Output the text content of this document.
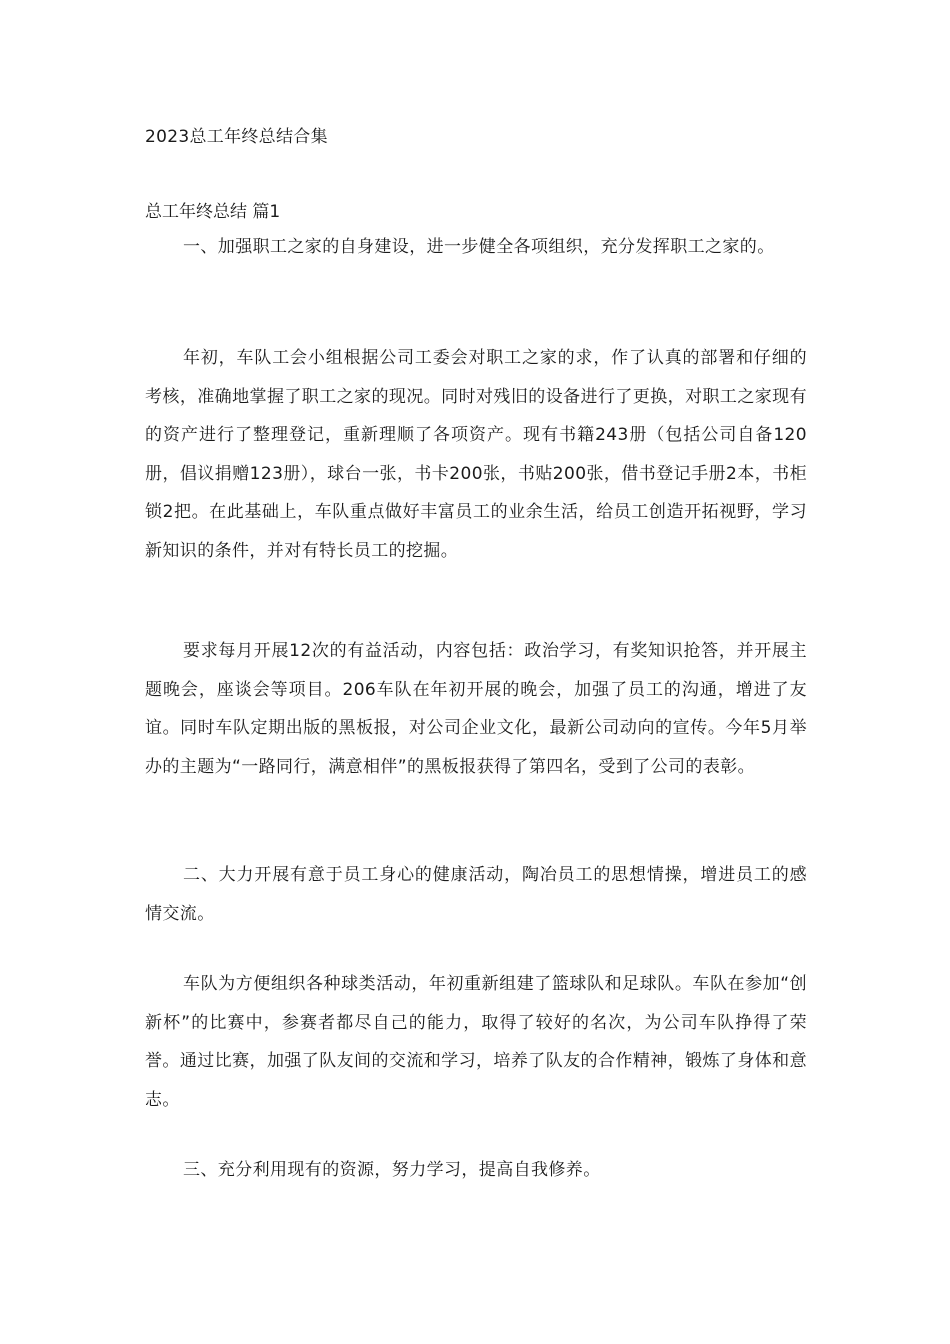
2023总工年终总结合集
总工年终总结 篇1

一、加强职工之家的自身建设，进一步健全各项组织，充分发挥职工之家的。

年初，车队工会小组根据公司工委会对职工之家的求，作了认真的部署和仔细的考核，准确地掌握了职工之家的现况。同时对残旧的设备进行了更换，对职工之家现有的资产进行了整理登记，重新理顺了各项资产。现有书籍243册（包括公司自备120册，倡议捐赠123册），球台一张，书卡200张，书贴200张，借书登记手册2本，书柜锁2把。在此基础上，车队重点做好丰富员工的业余生活，给员工创造开拓视野，学习新知识的条件，并对有特长员工的挖掘。

要求每月开展12次的有益活动，内容包括：政治学习，有奖知识抢答，并开展主题晚会，座谈会等项目。206车队在年初开展的晚会，加强了员工的沟通，增进了友谊。同时车队定期出版的黑板报，对公司企业文化，最新公司动向的宣传。今年5月举办的主题为“一路同行，满意相伴”的黑板报获得了第四名，受到了公司的表彰。

二、大力开展有意于员工身心的健康活动，陶冶员工的思想情操，增进员工的感情交流。

车队为方便组织各种球类活动，年初重新组建了篮球队和足球队。车队在参加“创新杯”的比赛中，参赛者都尽自己的能力，取得了较好的名次，为公司车队挣得了荣誉。通过比赛，加强了队友间的交流和学习，培养了队友的合作精神，锻炼了身体和意志。

三、充分利用现有的资源，努力学习，提高自我修养。
